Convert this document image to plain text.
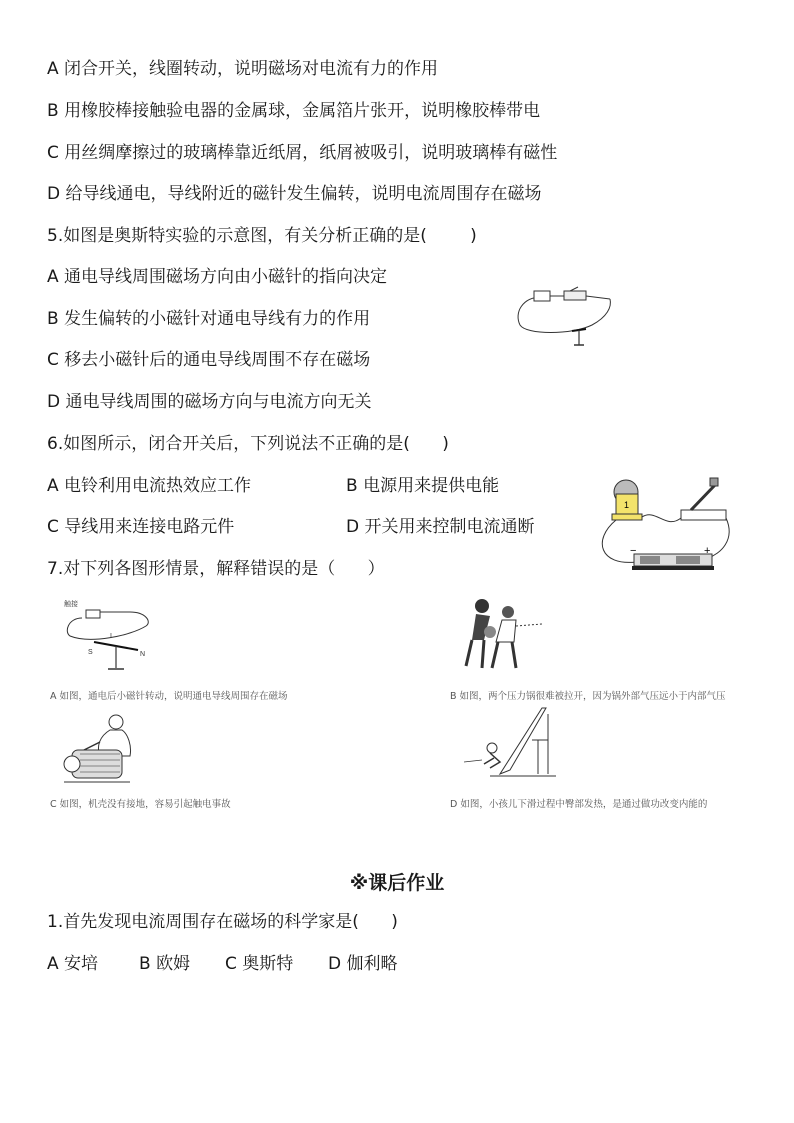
A 闭合开关，线圈转动，说明磁场对电流有力的作用
B 用橡胶棒接触验电器的金属球，金属箔片张开，说明橡胶棒带电
C 用丝绸摩擦过的玻璃棒靠近纸屑，纸屑被吸引，说明玻璃棒有磁性
D 给导线通电，导线附近的磁针发生偏转，说明电流周围存在磁场
5.如图是奥斯特实验的示意图，有关分析正确的是(        )
A 通电导线周围磁场方向由小磁针的指向决定
B 发生偏转的小磁针对通电导线有力的作用
C 移去小磁针后的通电导线周围不存在磁场
D 通电导线周围的磁场方向与电流方向无关
6.如图所示，闭合开关后，下列说法不正确的是(      )
A 电铃利用电流热效应工作	B 电源用来提供电能
C 导线用来连接电路元件	D 开关用来控制电流通断
1
−	+
7.对下列各图形情景，解释错误的是（      ）
触接
I
S	N
A 如图，通电后小磁针转动，说明通电导线周围存在磁场	B 如图，两个压力锅很难被拉开，因为锅外部气压远小于内部气压
C 如图，机壳没有接地，容易引起触电事故	D 如图，小孩儿下滑过程中臀部发热，是通过做功改变内能的
※课后作业
1.首先发现电流周围存在磁场的科学家是(      )
A 安培 B 欧姆 C 奥斯特 D 伽利略
